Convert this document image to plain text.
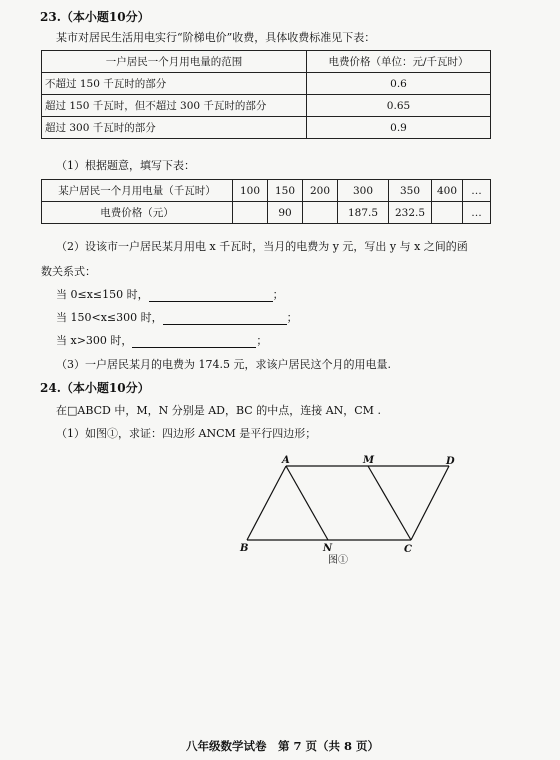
23.（本小题10分）
某市对居民生活用电实行“阶梯电价”收费，具体收费标准见下表：
一户居民一个月用电量的范围	电费价格（单位：元/千瓦时）
不超过 150 千瓦时的部分	0.6
超过 150 千瓦时，但不超过 300 千瓦时的部分	0.65
超过 300 千瓦时的部分	0.9
（1）根据题意，填写下表：
某户居民一个月用电量（千瓦时）	100	150	200	300	350	400	…
电费价格（元）		90		187.5	232.5		…
（2）设该市一户居民某月用电 x 千瓦时，当月的电费为 y 元，写出 y 与 x 之间的函
数关系式：
当 0≤x≤150 时，	；
当 150<x≤300 时，	；
当 x>300 时，	；
（3）一户居民某月的电费为 174.5 元，求该户居民这个月的用电量.
24.（本小题10分）
在□ABCD 中，M，N 分别是 AD，BC 的中点，连接 AN，CM .
（1）如图①，求证：四边形 ANCM 是平行四边形；
A	M	D
B	N	C
图①
八年级数学试卷　第 7 页（共 8 页）
